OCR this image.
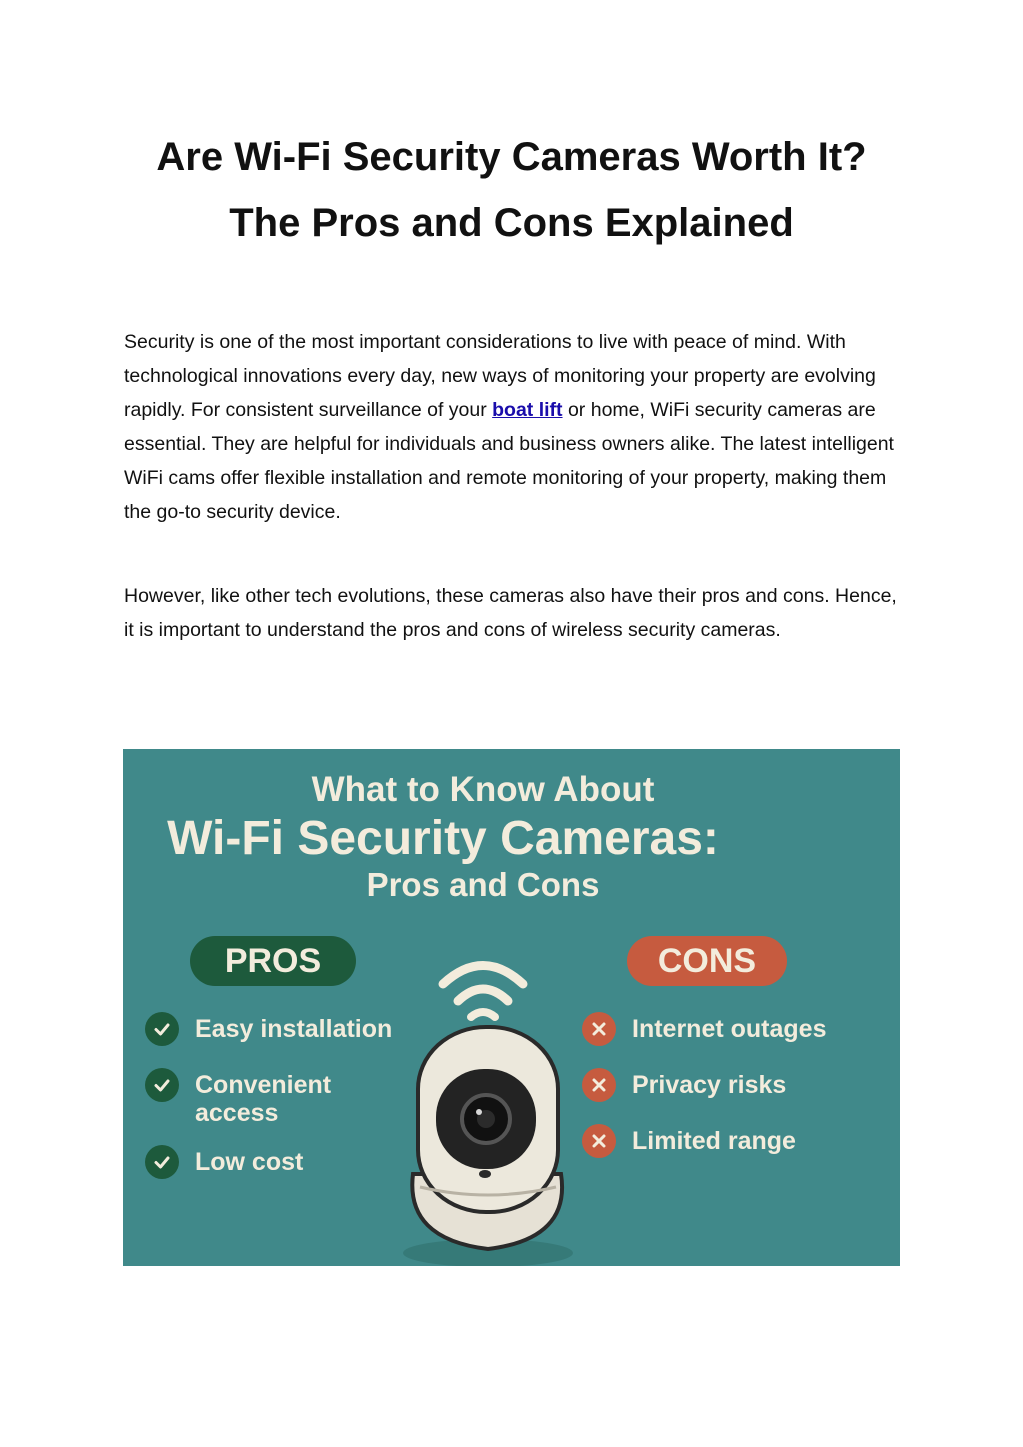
Are Wi-Fi Security Cameras Worth It?
The Pros and Cons Explained

Security is one of the most important considerations to live with peace of mind. With technological innovations every day, new ways of monitoring your property are evolving rapidly. For consistent surveillance of your boat lift or home, WiFi security cameras are essential. They are helpful for individuals and business owners alike. The latest intelligent WiFi cams offer flexible installation and remote monitoring of your property, making them the go-to security device.

However, like other tech evolutions, these cameras also have their pros and cons. Hence, it is important to understand the pros and cons of wireless security cameras.

What to Know About
Wi-Fi Security Cameras:
Pros and Cons
PROS	CONS
Easy installation
Convenient access
Low cost
Internet outages
Privacy risks
Limited range
